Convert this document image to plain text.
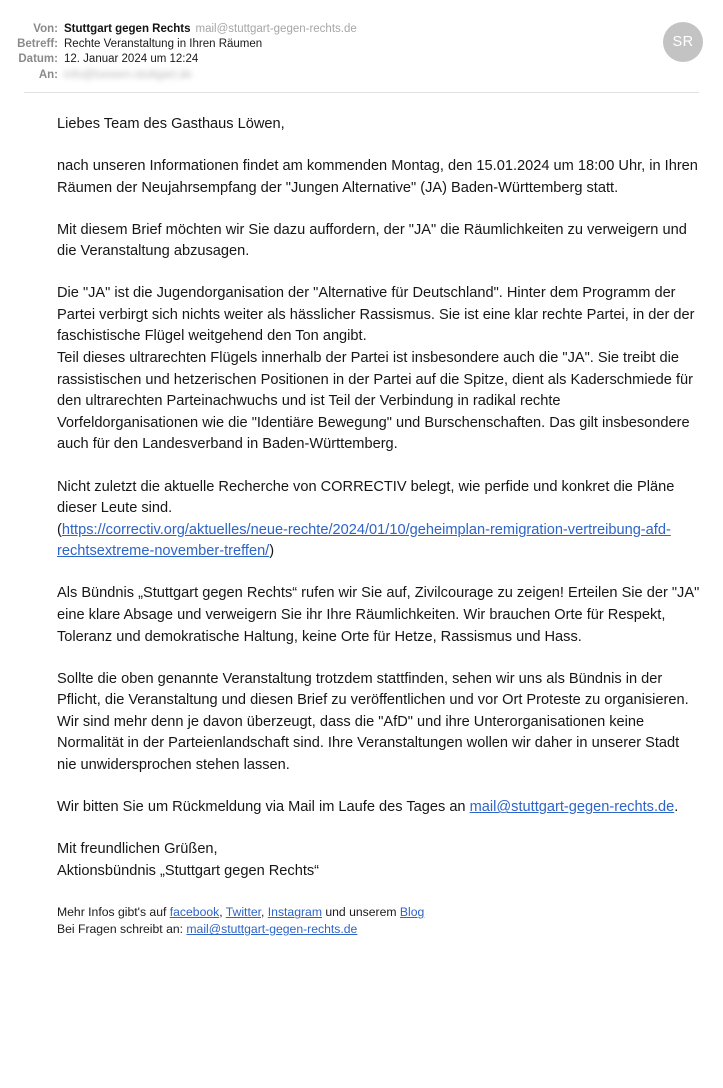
Von:	Stuttgart gegen Rechts mail@stuttgart-gegen-rechts.de
Betreff:	Rechte Veranstaltung in Ihren Räumen
Datum:	12. Januar 2024 um 12:24
An:	info@loewen-stuttgart.de
SR

Liebes Team des Gasthaus Löwen,

nach unseren Informationen findet am kommenden Montag, den 15.01.2024 um 18:00 Uhr, in Ihren Räumen der Neujahrsempfang der "Jungen Alternative" (JA) Baden-Württemberg statt.

Mit diesem Brief möchten wir Sie dazu auffordern, der "JA" die Räumlichkeiten zu verweigern und die Veranstaltung abzusagen.

Die "JA" ist die Jugendorganisation der "Alternative für Deutschland". Hinter dem Programm der Partei verbirgt sich nichts weiter als hässlicher Rassismus. Sie ist eine klar rechte Partei, in der der faschistische Flügel weitgehend den Ton angibt.
Teil dieses ultrarechten Flügels innerhalb der Partei ist insbesondere auch die "JA". Sie treibt die rassistischen und hetzerischen Positionen in der Partei auf die Spitze, dient als Kaderschmiede für den ultrarechten Parteinachwuchs und ist Teil der Verbindung in radikal rechte Vorfeldorganisationen wie die "Identiäre Bewegung" und Burschenschaften. Das gilt insbesondere auch für den Landesverband in Baden-Württemberg.

Nicht zuletzt die aktuelle Recherche von CORRECTIV belegt, wie perfide und konkret die Pläne dieser Leute sind.
(https://correctiv.org/aktuelles/neue-rechte/2024/01/10/geheimplan-remigration-vertreibung-afd-rechtsextreme-november-treffen/)

Als Bündnis „Stuttgart gegen Rechts“ rufen wir Sie auf, Zivilcourage zu zeigen! Erteilen Sie der "JA" eine klare Absage und verweigern Sie ihr Ihre Räumlichkeiten. Wir brauchen Orte für Respekt, Toleranz und demokratische Haltung, keine Orte für Hetze, Rassismus und Hass.

Sollte die oben genannte Veranstaltung trotzdem stattfinden, sehen wir uns als Bündnis in der Pflicht, die Veranstaltung und diesen Brief zu veröffentlichen und vor Ort Proteste zu organisieren. Wir sind mehr denn je davon überzeugt, dass die "AfD" und ihre Unterorganisationen keine Normalität in der Parteienlandschaft sind. Ihre Veranstaltungen wollen wir daher in unserer Stadt nie unwidersprochen stehen lassen.

Wir bitten Sie um Rückmeldung via Mail im Laufe des Tages an mail@stuttgart-gegen-rechts.de.

Mit freundlichen Grüßen,
Aktionsbündnis „Stuttgart gegen Rechts“

Mehr Infos gibt's auf facebook, Twitter, Instagram und unserem Blog
Bei Fragen schreibt an: mail@stuttgart-gegen-rechts.de
